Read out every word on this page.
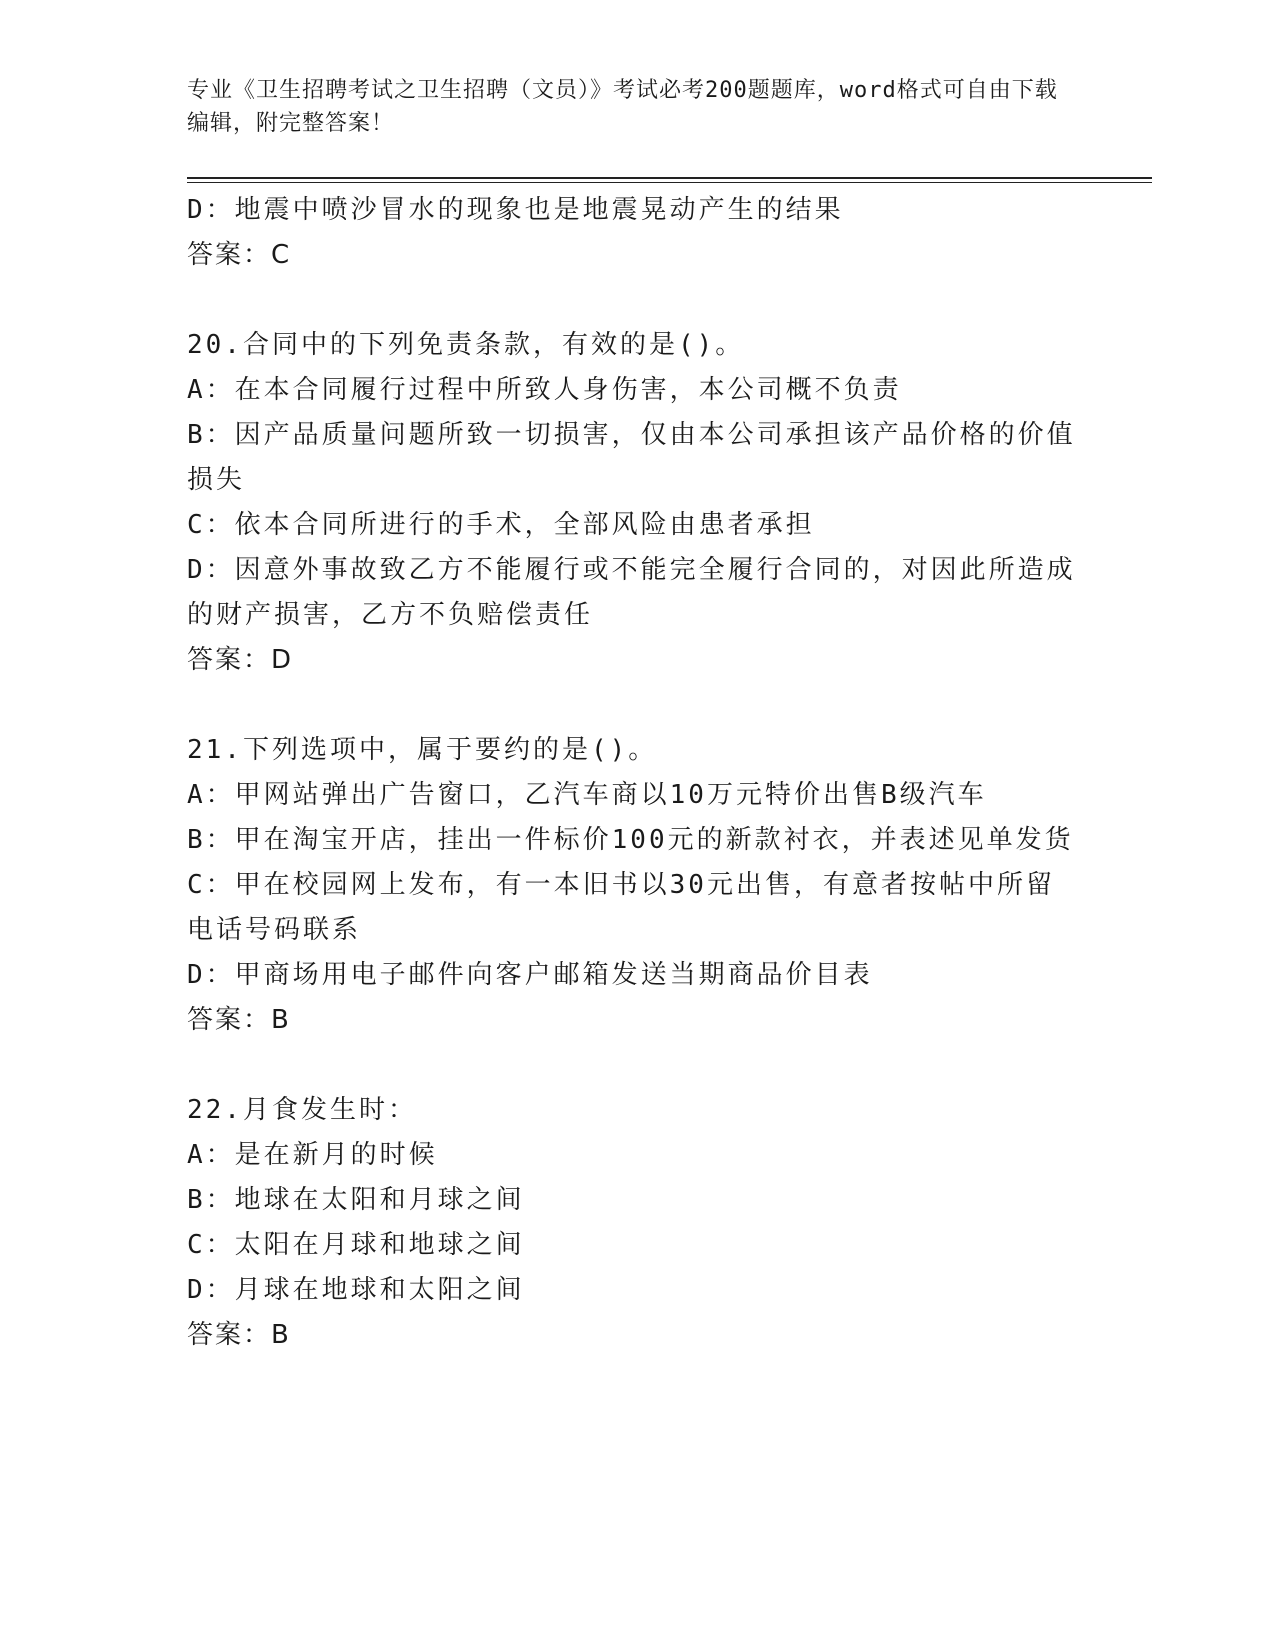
专业《卫生招聘考试之卫生招聘（文员）》考试必考200题题库，word格式可自由下载编辑，附完整答案！
D：地震中喷沙冒水的现象也是地震晃动产生的结果
答案：C
20.合同中的下列免责条款，有效的是()。
A：在本合同履行过程中所致人身伤害，本公司概不负责
B：因产品质量问题所致一切损害，仅由本公司承担该产品价格的价值损失
C：依本合同所进行的手术，全部风险由患者承担
D：因意外事故致乙方不能履行或不能完全履行合同的，对因此所造成的财产损害，乙方不负赔偿责任
答案：D
21.下列选项中，属于要约的是()。
A：甲网站弹出广告窗口，乙汽车商以10万元特价出售B级汽车
B：甲在淘宝开店，挂出一件标价100元的新款衬衣，并表述见单发货
C：甲在校园网上发布，有一本旧书以30元出售，有意者按帖中所留电话号码联系
D：甲商场用电子邮件向客户邮箱发送当期商品价目表
答案：B
22.月食发生时：
A：是在新月的时候
B：地球在太阳和月球之间
C：太阳在月球和地球之间
D：月球在地球和太阳之间
答案：B
